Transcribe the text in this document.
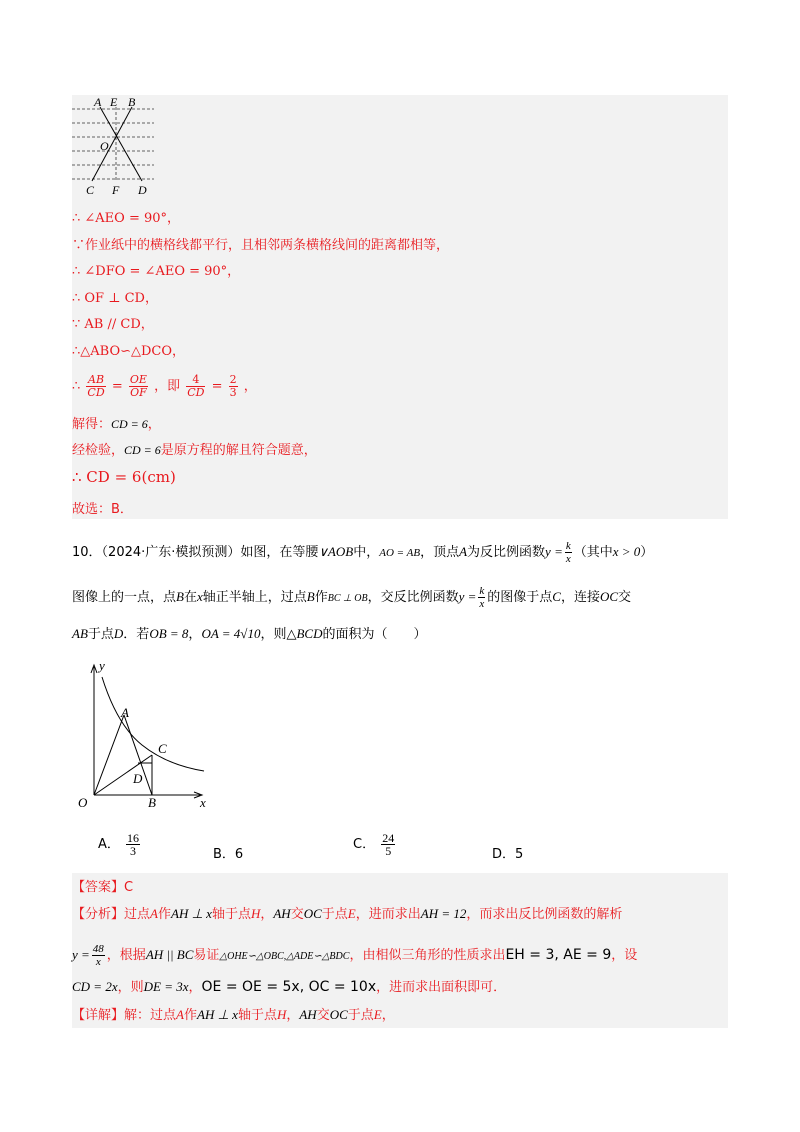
A E B
O
C F D
∴ ∠AEO = 90°，
∵作业纸中的横格线都平行，且相邻两条横格线间的距离都相等，
∴ ∠DFO = ∠AEO = 90°，
∴ OF ⊥ CD，
∵ AB // CD，
∴△ABO∽△DCO，
∴ $\frac{AB}{CD} = \frac{OE}{OF}$ ，即 $\frac{4}{CD} = \frac{2}{3}$ ，
解得：CD = 6，
经检验，CD = 6是原方程的解且符合题意，
∴ CD = 6(cm)
故选：B．
10．（2024·广东·模拟预测）如图，在等腰∨AOB中，AO = AB，顶点A为反比例函数$y = \frac{k}{x}$ （其中x > 0）
图像上的一点，点B在x轴正半轴上，过点B作BC ⊥ OB，交反比例函数$y = \frac{k}{x}$ 的图像于点C，连接OC交
AB于点D．若OB = 8，OA = 4√10，则△BCD的面积为（　　）
y
A
C
D
O	B	x
A． $\frac{16}{3}$	B．6
C． $\frac{24}{5}$	D．5
【答案】C
【分析】过点A作AH ⊥ x轴于点H，AH交OC于点E，进而求出AH = 12，而求出反比例函数的解析
$y = \frac{48}{x}$ ，根据AH || BC易证△OHE∽△OBC,△ADE∽△BDC，由相似三角形的性质求出EH = 3, AE = 9，设
CD = 2x，则DE = 3x，OE = OE = 5x, OC = 10x，进而求出面积即可．
【详解】解：过点A作AH ⊥ x轴于点H，AH交OC于点E，
